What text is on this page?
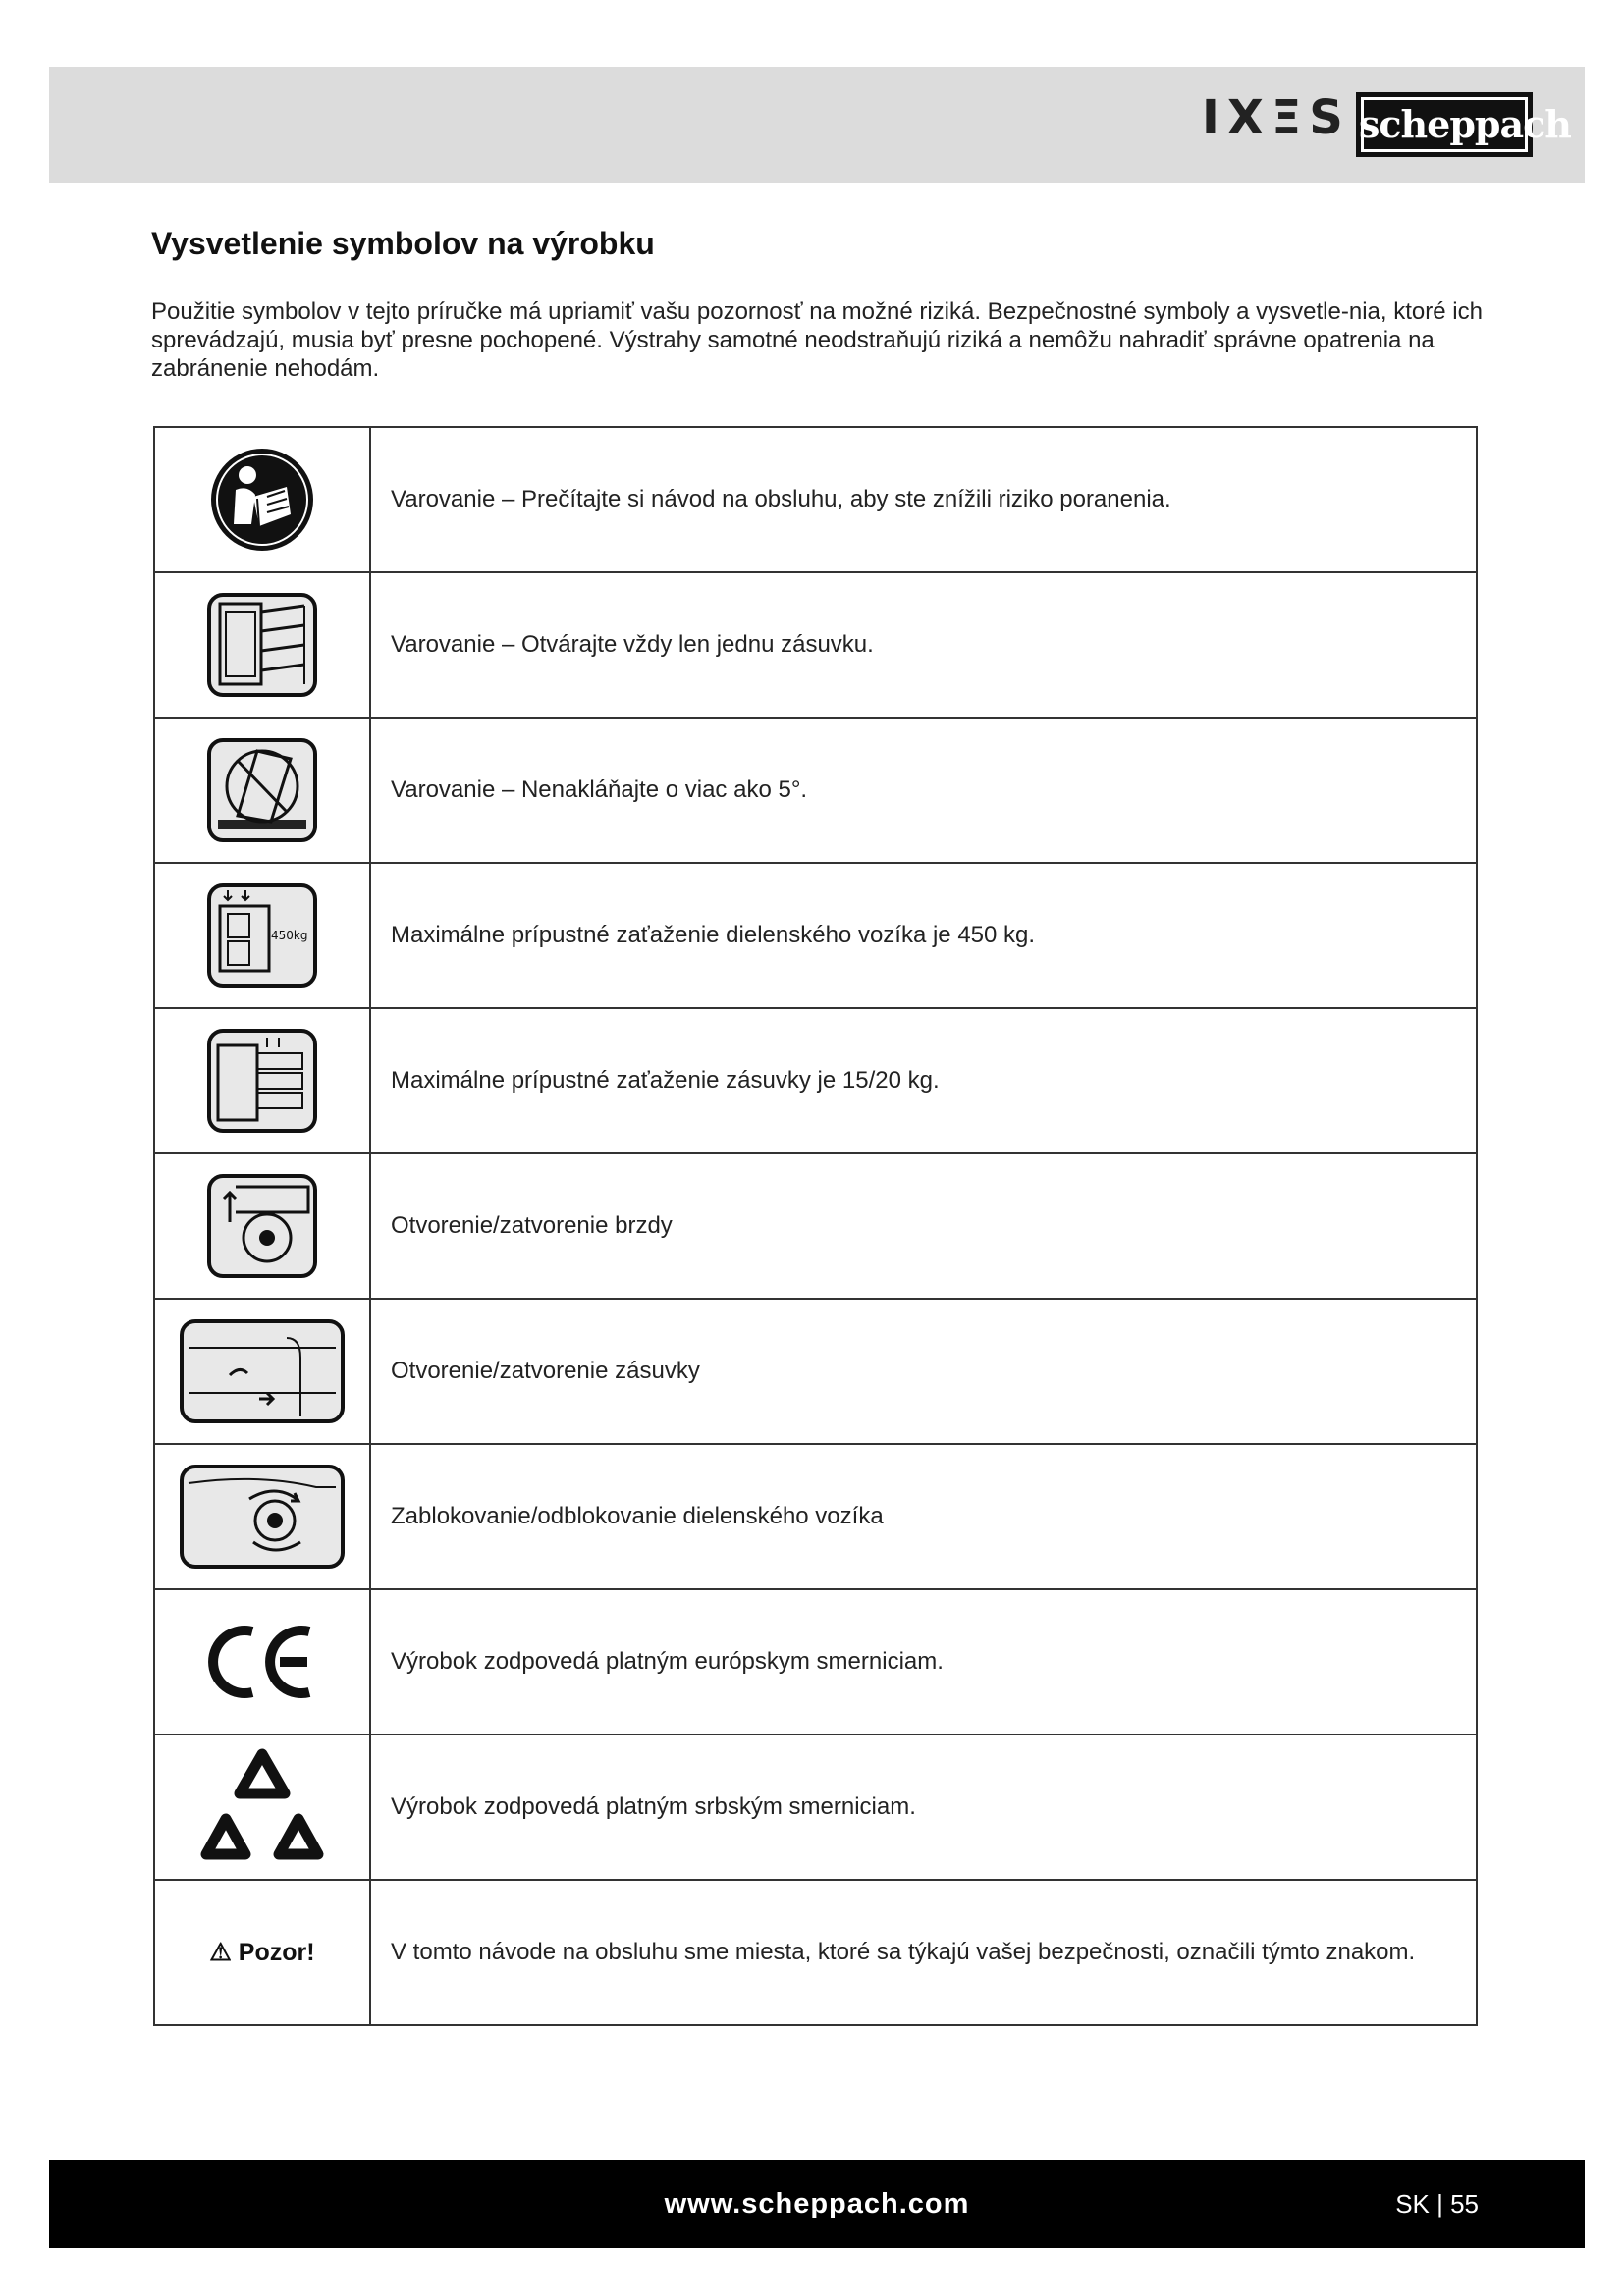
IXΞS scheppach
Vysvetlenie symbolov na výrobku

Použitie symbolov v tejto príručke má upriamiť vašu pozornosť na možné riziká. Bezpečnostné symboly a vysvetle-nia, ktoré ich sprevádzajú, musia byť presne pochopené. Výstrahy samotné neodstraňujú riziká a nemôžu nahradiť správne opatrenia na zabránenie nehodám.

	Varovanie – Prečítajte si návod na obsluhu, aby ste znížili riziko poranenia.

	Varovanie – Otvárajte vždy len jednu zásuvku.

	Varovanie – Nenakláňajte o viac ako 5°.

450kg	Maximálne prípustné zaťaženie dielenského vozíka je 450 kg.

	Maximálne prípustné zaťaženie zásuvky je 15/20 kg.

	Otvorenie/zatvorenie brzdy

	Otvorenie/zatvorenie zásuvky

	Zablokovanie/odblokovanie dielenského vozíka

	Výrobok zodpovedá platným európskym smerniciam.

	Výrobok zodpovedá platným srbským smerniciam.
⚠ Pozor!	V tomto návode na obsluhu sme miesta, ktoré sa týkajú vašej bezpečnosti, označili týmto znakom.
www.scheppach.com	SK | 55
